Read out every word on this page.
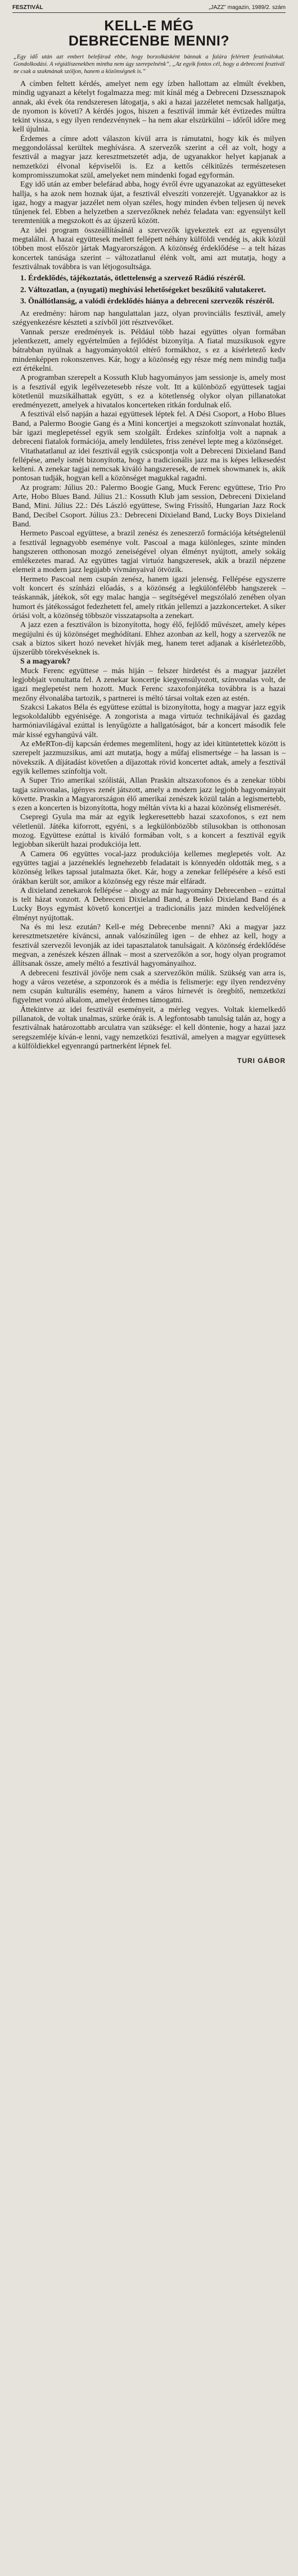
FESZTIVÁL	„JAZZ” magazin, 1989/2. szám
KELL-E MÉG
DEBRECENBE MENNI?
„Egy idő után azt embert belefárad ebbe, hogy borzolkásként bánnak a falára felértett fesztiválokat. Gondolkodási. A végiáliszenekben mintha nem úgy szerepelnénk”, „Az egyik fontos cél, hogy a debreceni fesztivál ne csak a szakmának szóljon, hanem a közönségnek is.”

A címben feltett kérdés, amelyet nem egy ízben hallottam az elmúlt években, mindig ugyanazt a kételyt fogalmazza meg: mit kínál még a Debreceni Dzsessznapok annak, aki évek óta rendszeresen látogatja, s aki a hazai jazzéletet nemcsak hallgatja, de nyomon is követi? A kérdés jogos, hiszen a fesztivál immár két évtizedes múltra tekint vissza, s egy ilyen rendezvénynek – ha nem akar elszürkülni – időről időre meg kell újulnia.

Érdemes a címre adott válaszon kívül arra is rámutatni, hogy kik és milyen meggondolással kerültek meghívásra. A szervezők szerint a cél az volt, hogy a fesztivál a magyar jazz keresztmetszetét adja, de ugyanakkor helyet kapjanak a nemzetközi élvonal képviselői is. Ez a kettős célkitűzés természetesen kompromisszumokat szül, amelyeket nem mindenki fogad egyformán.

Egy idő után az ember belefárad abba, hogy évről évre ugyanazokat az együtteseket hallja, s ha azok nem hoznak újat, a fesztivál elveszíti vonzerejét. Ugyanakkor az is igaz, hogy a magyar jazzélet nem olyan széles, hogy minden évben teljesen új nevek tűnjenek fel. Ebben a helyzetben a szervezőknek nehéz feladata van: egyensúlyt kell teremteniük a megszokott és az újszerű között.

Az idei program összeállításánál a szervezők igyekeztek ezt az egyensúlyt megtalálni. A hazai együttesek mellett fellépett néhány külföldi vendég is, akik közül többen most először jártak Magyarországon. A közönség érdeklődése – a telt házas koncertek tanúsága szerint – változatlanul élénk volt, ami azt mutatja, hogy a fesztiválnak továbbra is van létjogosultsága.

1. Érdeklődés, tájékoztatás, ötlettelenség a szervező Rádió részéről.

2. Változatlan, a (nyugati) meghívási lehetőségeket beszűkítő valutakeret.

3. Önállótlanság, a valódi érdeklődés hiánya a debreceni szervezők részéről.

Az eredmény: három nap hangulattalan jazz, olyan provinciális fesztivál, amely szégyenkezésre készteti a szívből jött résztvevőket.

Vannak persze eredmények is. Például több hazai együttes olyan formában jelentkezett, amely egyértelműen a fejlődést bizonyítja. A fiatal muzsikusok egyre bátrabban nyúlnak a hagyományoktól eltérő formákhoz, s ez a kísérletező kedv mindenképpen rokonszenves. Kár, hogy a közönség egy része még nem mindig tudja ezt értékelni.

A programban szerepelt a Kossuth Klub hagyományos jam sessionje is, amely most is a fesztivál egyik legélvezetesebb része volt. Itt a különböző együttesek tagjai kötetlenül muzsikálhattak együtt, s ez a kötetlenség olykor olyan pillanatokat eredményezett, amelyek a hivatalos koncerteken ritkán fordulnak elő.

A fesztivál első napján a hazai együttesek léptek fel. A Dési Csoport, a Hobo Blues Band, a Palermo Boogie Gang és a Mini koncertjei a megszokott színvonalat hozták, bár igazi meglepetéssel egyik sem szolgált. Érdekes színfoltja volt a napnak a debreceni fiatalok formációja, amely lendületes, friss zenével lepte meg a közönséget.

Vitathatatlanul az idei fesztivál egyik csúcspontja volt a Debreceni Dixieland Band fellépése, amely ismét bizonyította, hogy a tradicionális jazz ma is képes lelkesedést kelteni. A zenekar tagjai nemcsak kiváló hangszeresek, de remek showmanek is, akik pontosan tudják, hogyan kell a közönséget magukkal ragadni.

Az program: Július 20.: Palermo Boogie Gang, Muck Ferenc együttese, Trio Pro Arte, Hobo Blues Band. Július 21.: Kossuth Klub jam session, Debreceni Dixieland Band, Mini. Július 22.: Dés László együttese, Swing Frissítő, Hungarian Jazz Rock Band, Decibel Csoport. Július 23.: Debreceni Dixieland Band, Lucky Boys Dixieland Band.

Hermeto Pascoal együttese, a brazil zenész és zeneszerző formációja kétségtelenül a fesztivál legnagyobb eseménye volt. Pascoal a maga különleges, szinte minden hangszeren otthonosan mozgó zeneiségével olyan élményt nyújtott, amely sokáig emlékezetes marad. Az együttes tagjai virtuóz hangszeresek, akik a brazil népzene elemeit a modern jazz legújabb vívmányaival ötvözik.

Hermeto Pascoal nem csupán zenész, hanem igazi jelenség. Fellépése egyszerre volt koncert és színházi előadás, s a közönség a legkülönfélébb hangszerek – teáskannák, játékok, sőt egy malac hangja – segítségével megszólaló zenében olyan humort és játékosságot fedezhetett fel, amely ritkán jellemzi a jazzkoncerteket. A siker óriási volt, a közönség többször visszatapsolta a zenekart.

A jazz ezen a fesztiválon is bizonyította, hogy élő, fejlődő művészet, amely képes megújulni és új közönséget meghódítani. Ehhez azonban az kell, hogy a szervezők ne csak a biztos sikert hozó neveket hívják meg, hanem teret adjanak a kísérletezőbb, újszerűbb törekvéseknek is.

S a magyarok?

Muck Ferenc együttese – más hiján – felszer hirdetést és a magyar jazzélet legjobbjait vonultatta fel. A zenekar koncertje kiegyensúlyozott, színvonalas volt, de igazi meglepetést nem hozott. Muck Ferenc szaxofonjátéka továbbra is a hazai mezőny élvonalába tartozik, s partnerei is méltó társai voltak ezen az estén.

Szakcsi Lakatos Béla és együttese ezúttal is bizonyította, hogy a magyar jazz egyik legsokoldalúbb egyénisége. A zongorista a maga virtuóz technikájával és gazdag harmóniavilágával ezúttal is lenyűgözte a hallgatóságot, bár a koncert második fele már kissé egyhangúvá vált.

Az eMeRTon-díj kapcsán érdemes megemlíteni, hogy az idei kitüntetettek között is szerepelt jazzmuzsikus, ami azt mutatja, hogy a műfaj elismertsége – ha lassan is – növekszik. A díjátadást követően a díjazottak rövid koncertet adtak, amely a fesztivál egyik kellemes színfoltja volt.

A Super Trio amerikai szólistái, Allan Praskin altszaxofonos és a zenekar többi tagja színvonalas, igényes zenét játszott, amely a modern jazz legjobb hagyományait követte. Praskin a Magyarországon élő amerikai zenészek közül talán a legismertebb, s ezen a koncerten is bizonyította, hogy méltán vívta ki a hazai közönség elismerését.

Csepregi Gyula ma már az egyik legkeresettebb hazai szaxofonos, s ezt nem véletlenül. Játéka kiforrott, egyéni, s a legkülönbözőbb stílusokban is otthonosan mozog. Együttese ezúttal is kiváló formában volt, s a koncert a fesztivál egyik legjobban sikerült hazai produkciója lett.

A Camera 06 együttes vocal-jazz produkciója kellemes meglepetés volt. Az együttes tagjai a jazzéneklés legnehezebb feladatait is könnyedén oldották meg, s a közönség lelkes tapssal jutalmazta őket. Kár, hogy a zenekar fellépésére a késő esti órákban került sor, amikor a közönség egy része már elfáradt.

A dixieland zenekarok fellépése – ahogy az már hagyomány Debrecenben – ezúttal is telt házat vonzott. A Debreceni Dixieland Band, a Benkó Dixieland Band és a Lucky Boys egymást követő koncertjei a tradicionális jazz minden kedvelőjének élményt nyújtottak.

Na és mi lesz ezután? Kell-e még Debrecenbe menni? Aki a magyar jazz keresztmetszetére kíváncsi, annak valószínűleg igen – de ehhez az kell, hogy a fesztivál szervezői levonják az idei tapasztalatok tanulságait. A közönség érdeklődése megvan, a zenészek készen állnak – most a szervezőkön a sor, hogy olyan programot állítsanak össze, amely méltó a fesztivál hagyományaihoz.

A debreceni fesztivál jövője nem csak a szervezőkön múlik. Szükség van arra is, hogy a város vezetése, a szponzorok és a média is felismerje: egy ilyen rendezvény nem csupán kulturális esemény, hanem a város hírnevét is öregbítő, nemzetközi figyelmet vonzó alkalom, amelyet érdemes támogatni.

Áttekintve az idei fesztivál eseményeit, a mérleg vegyes. Voltak kiemelkedő pillanatok, de voltak unalmas, szürke órák is. A legfontosabb tanulság talán az, hogy a fesztiválnak határozottabb arculatra van szüksége: el kell döntenie, hogy a hazai jazz seregszemléje kíván-e lenni, vagy nemzetközi fesztivál, amelyen a magyar együttesek a külföldiekkel egyenrangú partnerként lépnek fel.

TURI GÁBOR
